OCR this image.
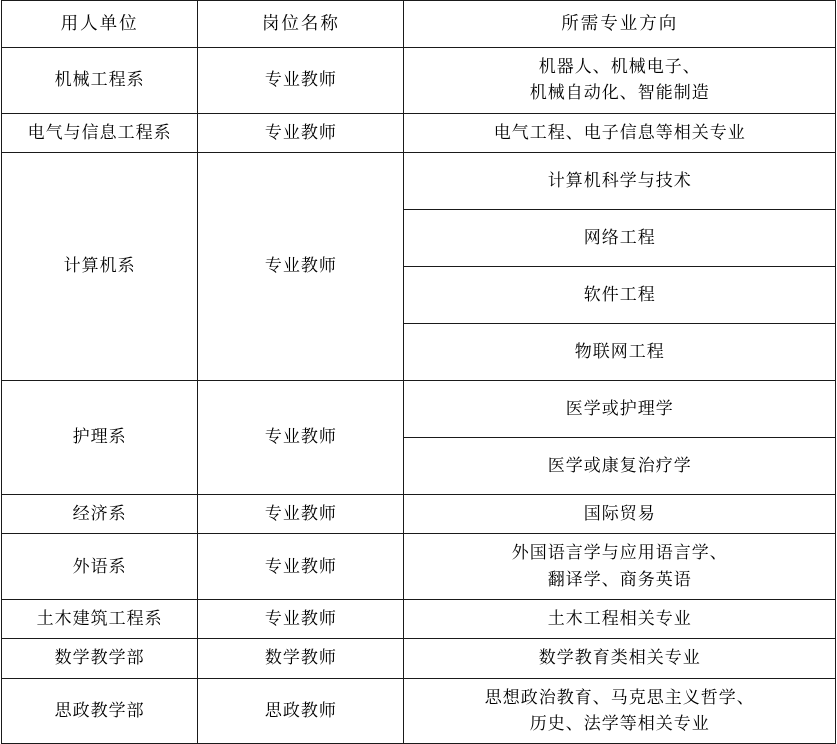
用人单位	岗位名称	所需专业方向
机械工程系	专业教师	机器人、机械电子、
机械自动化、智能制造

电气与信息工程系	专业教师	电气工程、电子信息等相关专业
计算机系	专业教师	计算机科学与技术
		网络工程
		软件工程
		物联网工程
护理系	专业教师	医学或护理学
		医学或康复治疗学
经济系	专业教师	国际贸易
外语系	专业教师	外国语言学与应用语言学、
翻译学、商务英语

土木建筑工程系	专业教师	土木工程相关专业
数学教学部	数学教师	数学教育类相关专业
思政教学部	思政教师	思想政治教育、马克思主义哲学、
历史、法学等相关专业
